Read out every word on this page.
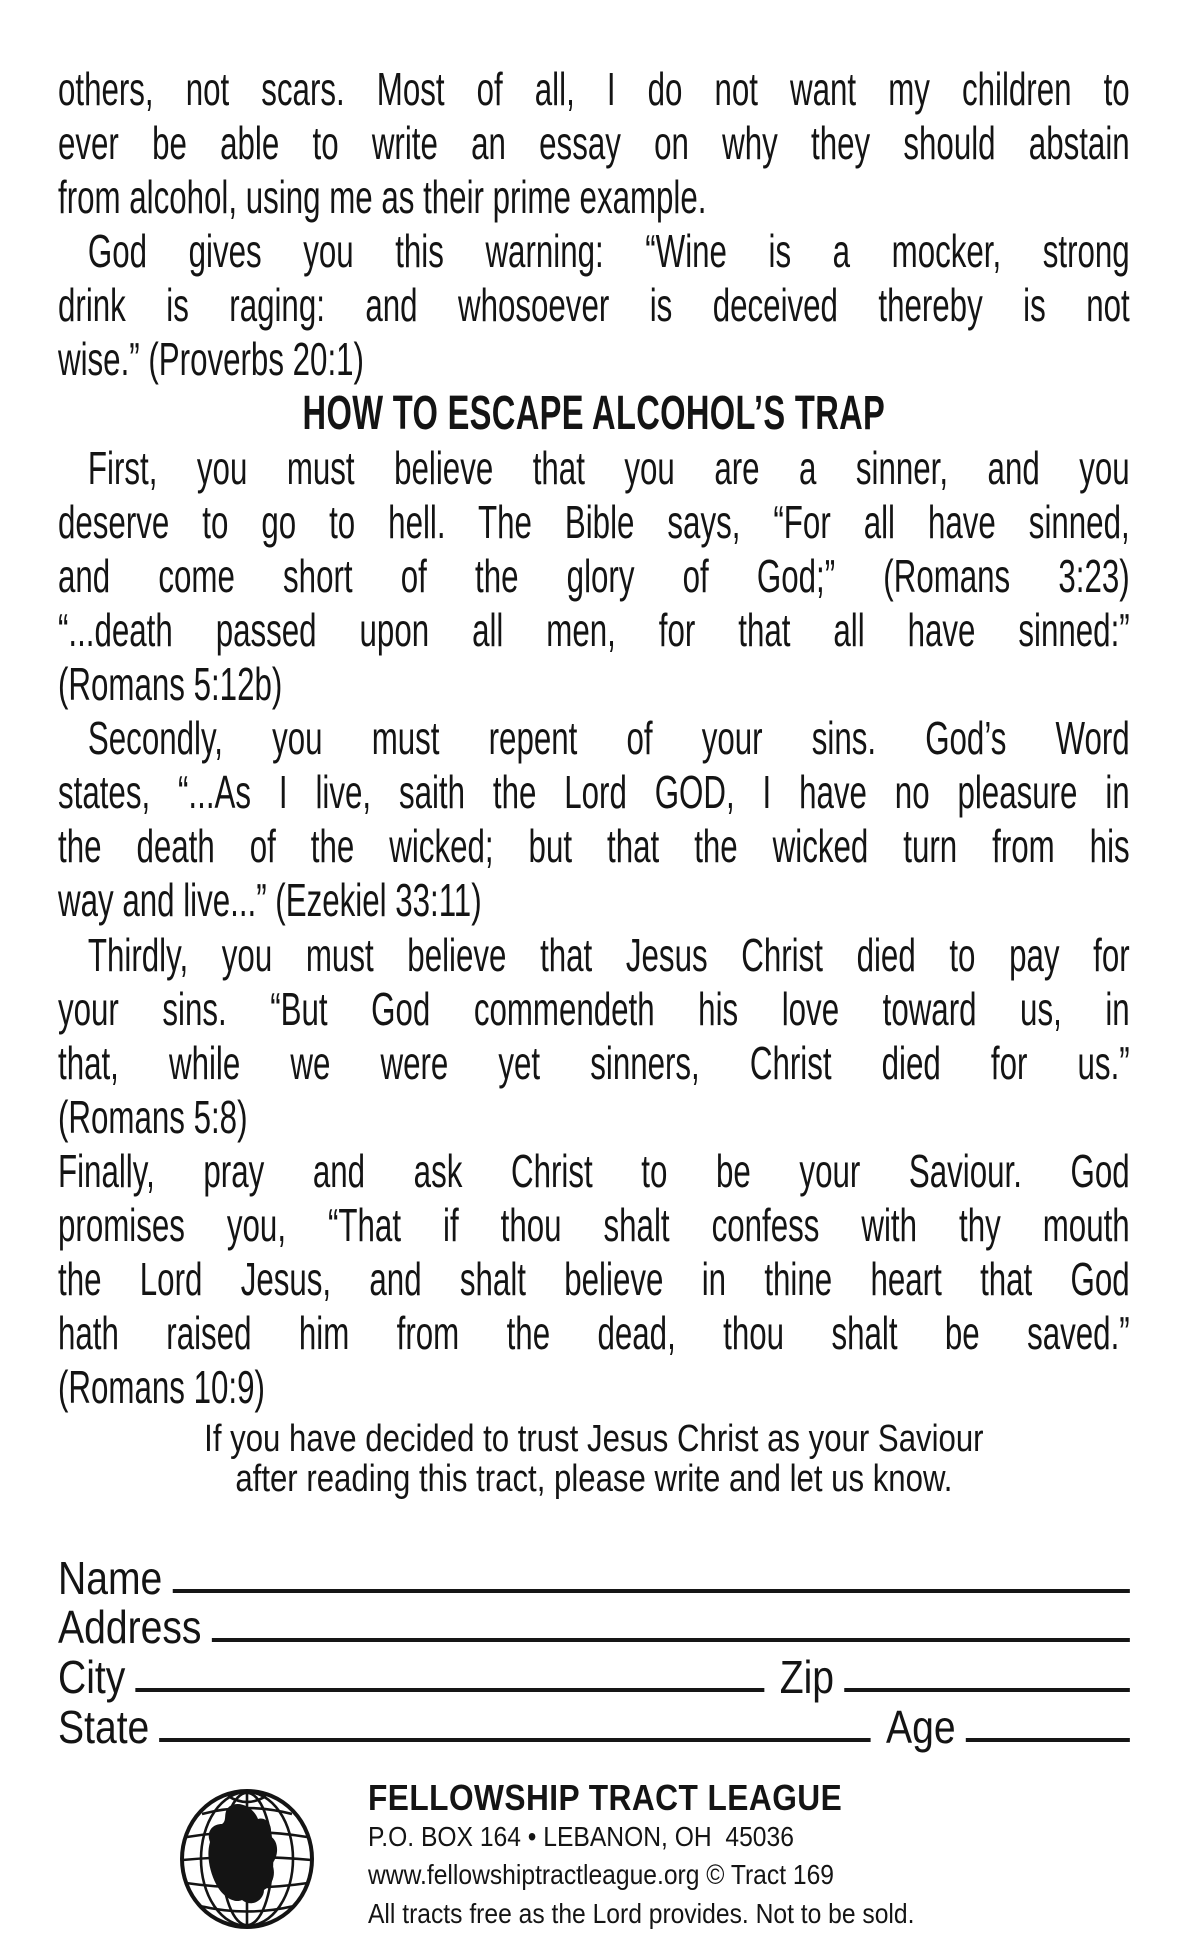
others, not scars. Most of all, I do not want my children to
ever be able to write an essay on why they should abstain
from alcohol, using me as their prime example.
God gives you this warning: “Wine is a mocker, strong
drink is raging: and whosoever is deceived thereby is not
wise.” (Proverbs 20:1)
HOW TO ESCAPE ALCOHOL’S TRAP
First, you must believe that you are a sinner, and you
deserve to go to hell. The Bible says, “For all have sinned,
and come short of the glory of God;” (Romans 3:23)
“...death passed upon all men, for that all have sinned:”
(Romans 5:12b)
Secondly, you must repent of your sins. God’s Word
states, “...As I live, saith the Lord GOD, I have no pleasure in
the death of the wicked; but that the wicked turn from his
way and live...” (Ezekiel 33:11)
Thirdly, you must believe that Jesus Christ died to pay for
your sins. “But God commendeth his love toward us, in
that, while we were yet sinners, Christ died for us.”
(Romans 5:8)
Finally, pray and ask Christ to be your Saviour. God
promises you, “That if thou shalt confess with thy mouth
the Lord Jesus, and shalt believe in thine heart that God
hath raised him from the dead, thou shalt be saved.”
(Romans 10:9)
If you have decided to trust Jesus Christ as your Saviour
after reading this tract, please write and let us know.
Name
Address
City	Zip
State	Age
FELLOWSHIP TRACT LEAGUE
P.O. BOX 164 • LEBANON, OH  45036
www.fellowshiptractleague.org © Tract 169
All tracts free as the Lord provides. Not to be sold.
